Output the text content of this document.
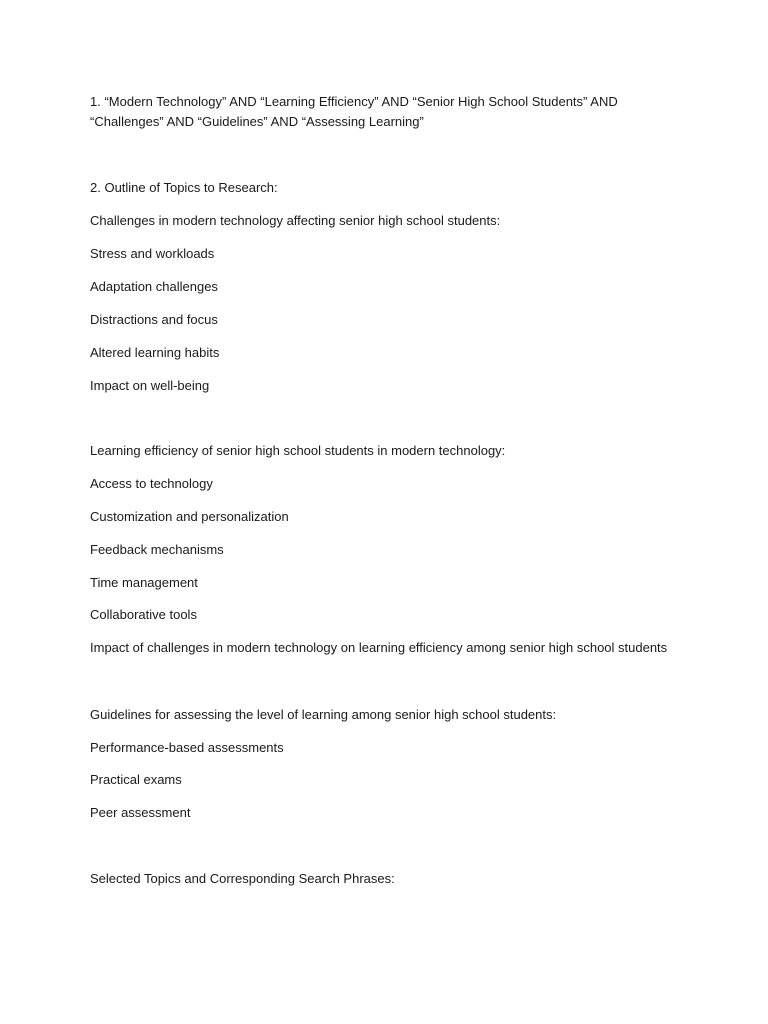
1. “Modern Technology” AND “Learning Efficiency” AND “Senior High School Students” AND
“Challenges” AND “Guidelines” AND “Assessing Learning”
2. Outline of Topics to Research:
Challenges in modern technology affecting senior high school students:
Stress and workloads
Adaptation challenges
Distractions and focus
Altered learning habits
Impact on well-being
Learning efficiency of senior high school students in modern technology:
Access to technology
Customization and personalization
Feedback mechanisms
Time management
Collaborative tools
Impact of challenges in modern technology on learning efficiency among senior high school students
Guidelines for assessing the level of learning among senior high school students:
Performance-based assessments
Practical exams
Peer assessment
Selected Topics and Corresponding Search Phrases:
